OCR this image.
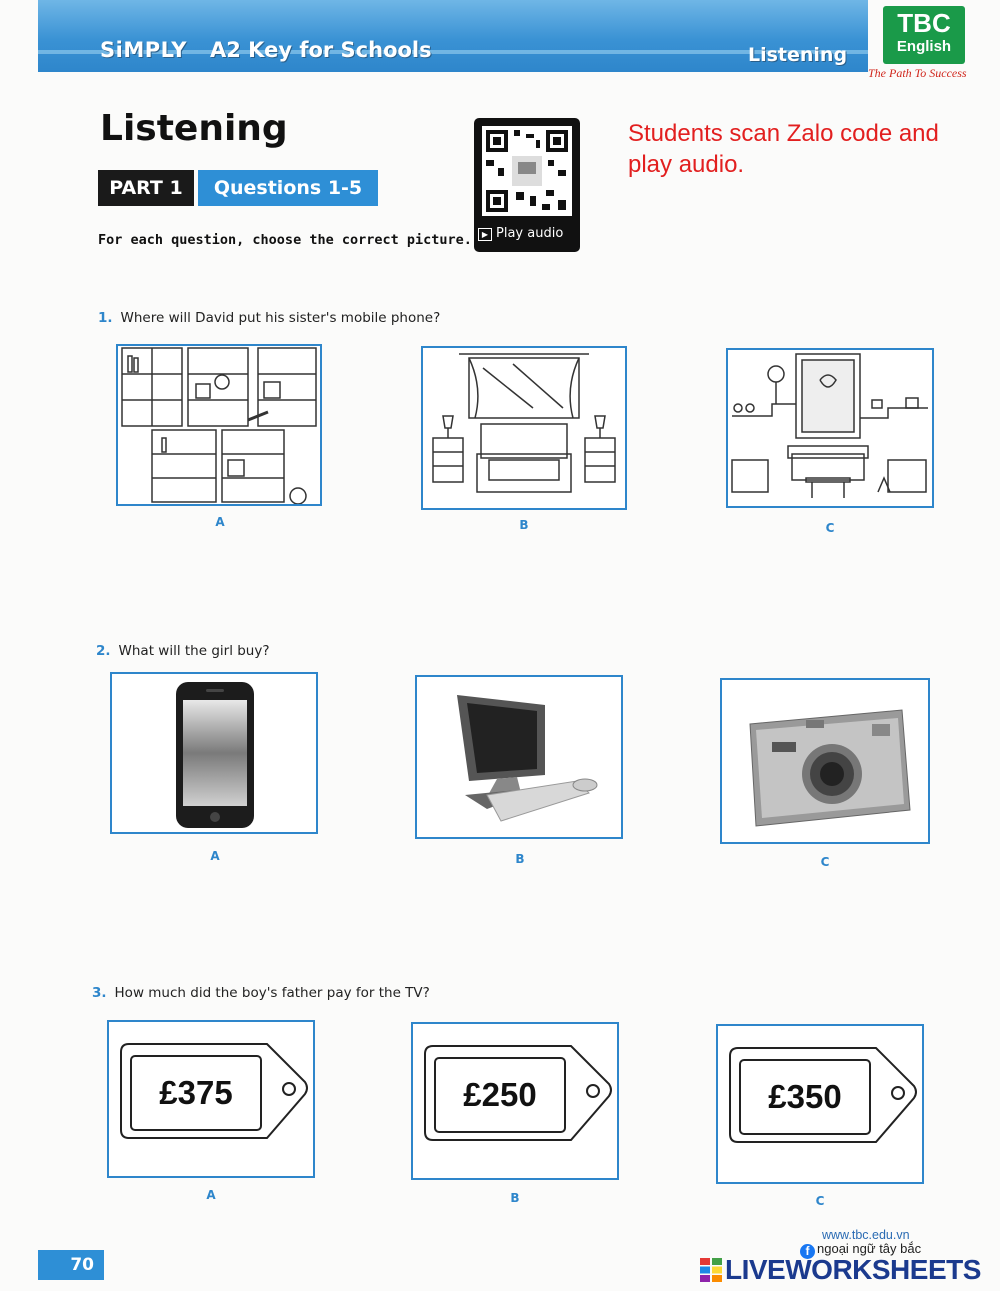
SiMPLY A2 Key for Schools	Listening
TBC
English
The Path To Success
Listening
PART 1	Questions 1-5
For each question, choose the correct picture.	▶ Play audio
Students scan Zalo code and play audio.
1. Where will David put his sister's mobile phone?
A	B	C
2. What will the girl buy?
A	B	C
3. How much did the boy's father pay for the TV?
£375	£250	£350
A	B	C
70
www.tbc.edu.vn
f ngoại ngữ tây bắc
LIVEWORKSHEETS
